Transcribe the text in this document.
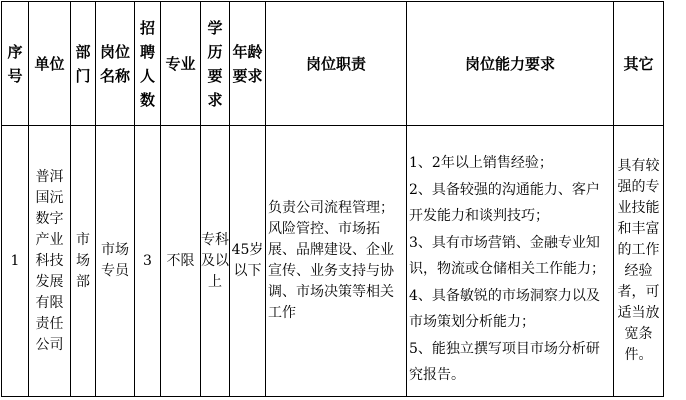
序号	单位	部门	岗位名称	招聘人数	专业	学历要求	年龄要求	岗位职责	岗位能力要求	其它
1	普洱国沅数字产业科技发展有限责任公司	市场部	市场专员	3	不限	专科及以上	45岁以下	负责公司流程管理；风险管控、市场拓展、品牌建设、企业宣传、业务支持与协调、市场决策等相关工作	1、2年以上销售经验；
2、具备较强的沟通能力、客户开发能力和谈判技巧；
3、具有市场营销、金融专业知识，物流或仓储相关工作能力；
4、具备敏锐的市场洞察力以及市场策划分析能力；
5、能独立撰写项目市场分析研究报告。	具有较强的专业技能和丰富的工作经验者，可适当放宽条件。
